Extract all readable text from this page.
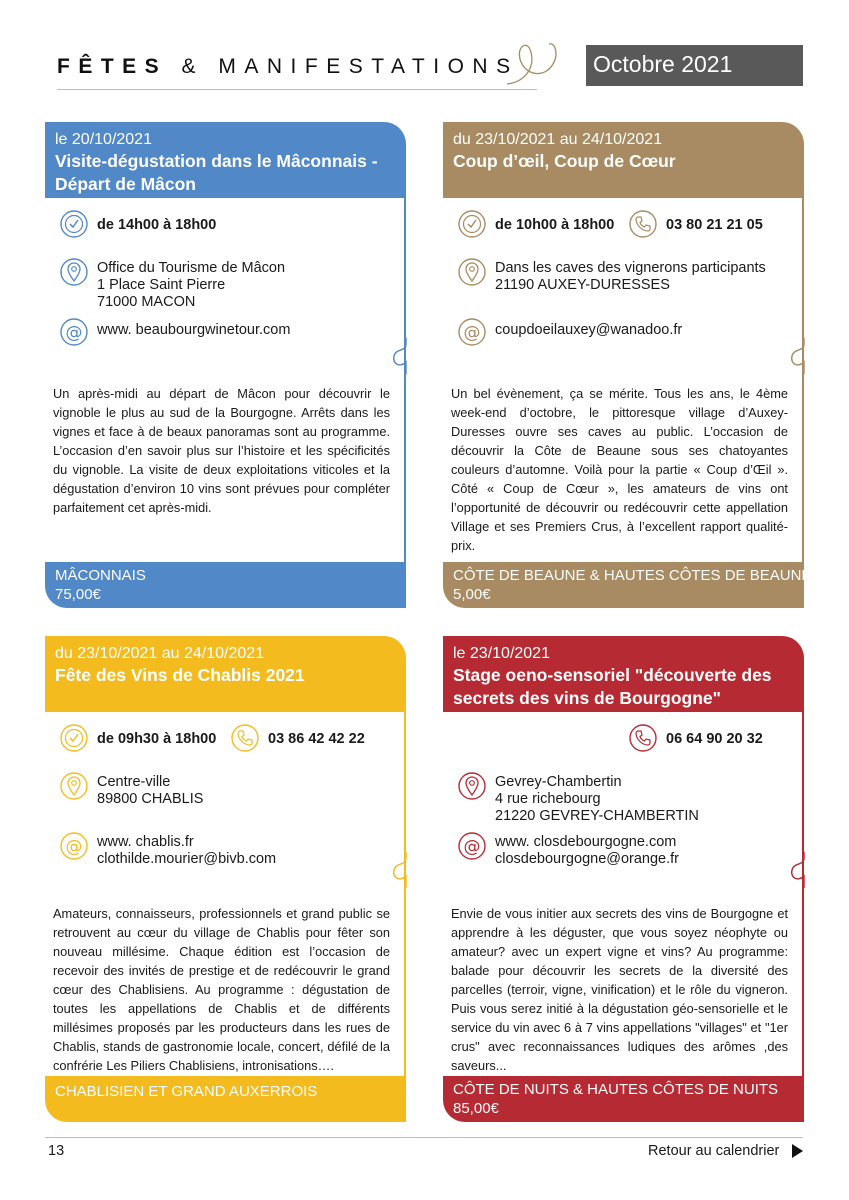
FÊTES & MANIFESTATIONS	Octobre 2021
le 20/10/2021
Visite-dégustation dans le Mâconnais -
Départ de Mâcon
de 14h00 à 18h00
Office du Tourisme de Mâcon
1 Place Saint Pierre
71000 MACON
@ www. beaubourgwinetour.com
Un après-midi au départ de Mâcon pour découvrir le vignoble le plus au sud de la Bourgogne. Arrêts dans les vignes et face à de beaux panoramas sont au programme. L’occasion d’en savoir plus sur l’histoire et les spécificités du vignoble. La visite de deux exploitations viticoles et la dégustation d’environ 10 vins sont prévues pour compléter parfaitement cet après-midi.
MÂCONNAIS
75,00€
du 23/10/2021 au 24/10/2021
Coup d’œil, Coup de Cœur
de 10h00 à 18h00	03 80 21 21 05
Dans les caves des vignerons participants
21190 AUXEY-DURESSES
@ coupdoeilauxey@wanadoo.fr
Un bel évènement, ça se mérite. Tous les ans, le 4ème week-end d’octobre, le pittoresque village d’Auxey-Duresses ouvre ses caves au public. L’occasion de découvrir la Côte de Beaune sous ses chatoyantes couleurs d’automne. Voilà pour la partie « Coup d’Œil ». Côté « Coup de Cœur », les amateurs de vins ont l’opportunité de découvrir ou redécouvrir cette appellation Village et ses Premiers Crus, à l’excellent rapport qualité-prix.
CÔTE DE BEAUNE & HAUTES CÔTES DE BEAUNE
5,00€
du 23/10/2021 au 24/10/2021
Fête des Vins de Chablis 2021
de 09h30 à 18h00	03 86 42 42 22
Centre-ville
89800 CHABLIS
@ www. chablis.fr
clothilde.mourier@bivb.com
Amateurs, connaisseurs, professionnels et grand public se retrouvent au cœur du village de Chablis pour fêter son nouveau millésime. Chaque édition est l’occasion de recevoir des invités de prestige et de redécouvrir le grand cœur des Chablisiens. Au programme : dégustation de toutes les appellations de Chablis et de différents millésimes proposés par les producteurs dans les rues de Chablis, stands de gastronomie locale, concert, défilé de la confrérie Les Piliers Chablisiens, intronisations….
CHABLISIEN ET GRAND AUXERROIS
le 23/10/2021
Stage oeno-sensoriel "découverte des
secrets des vins de Bourgogne"
06 64 90 20 32
Gevrey-Chambertin
4 rue richebourg
21220 GEVREY-CHAMBERTIN
@ www. closdebourgogne.com
closdebourgogne@orange.fr
Envie de vous initier aux secrets des vins de Bourgogne et apprendre à les déguster, que vous soyez néophyte ou amateur? avec un expert vigne et vins? Au programme: balade pour découvrir les secrets de la diversité des parcelles (terroir, vigne, vinification) et le rôle du vigneron. Puis vous serez initié à la dégustation géo-sensorielle et le service du vin avec 6 à 7 vins appellations "villages" et "1er crus" avec reconnaissances ludiques des arômes ,des saveurs...
CÔTE DE NUITS & HAUTES CÔTES DE NUITS
85,00€
13	Retour au calendrier
